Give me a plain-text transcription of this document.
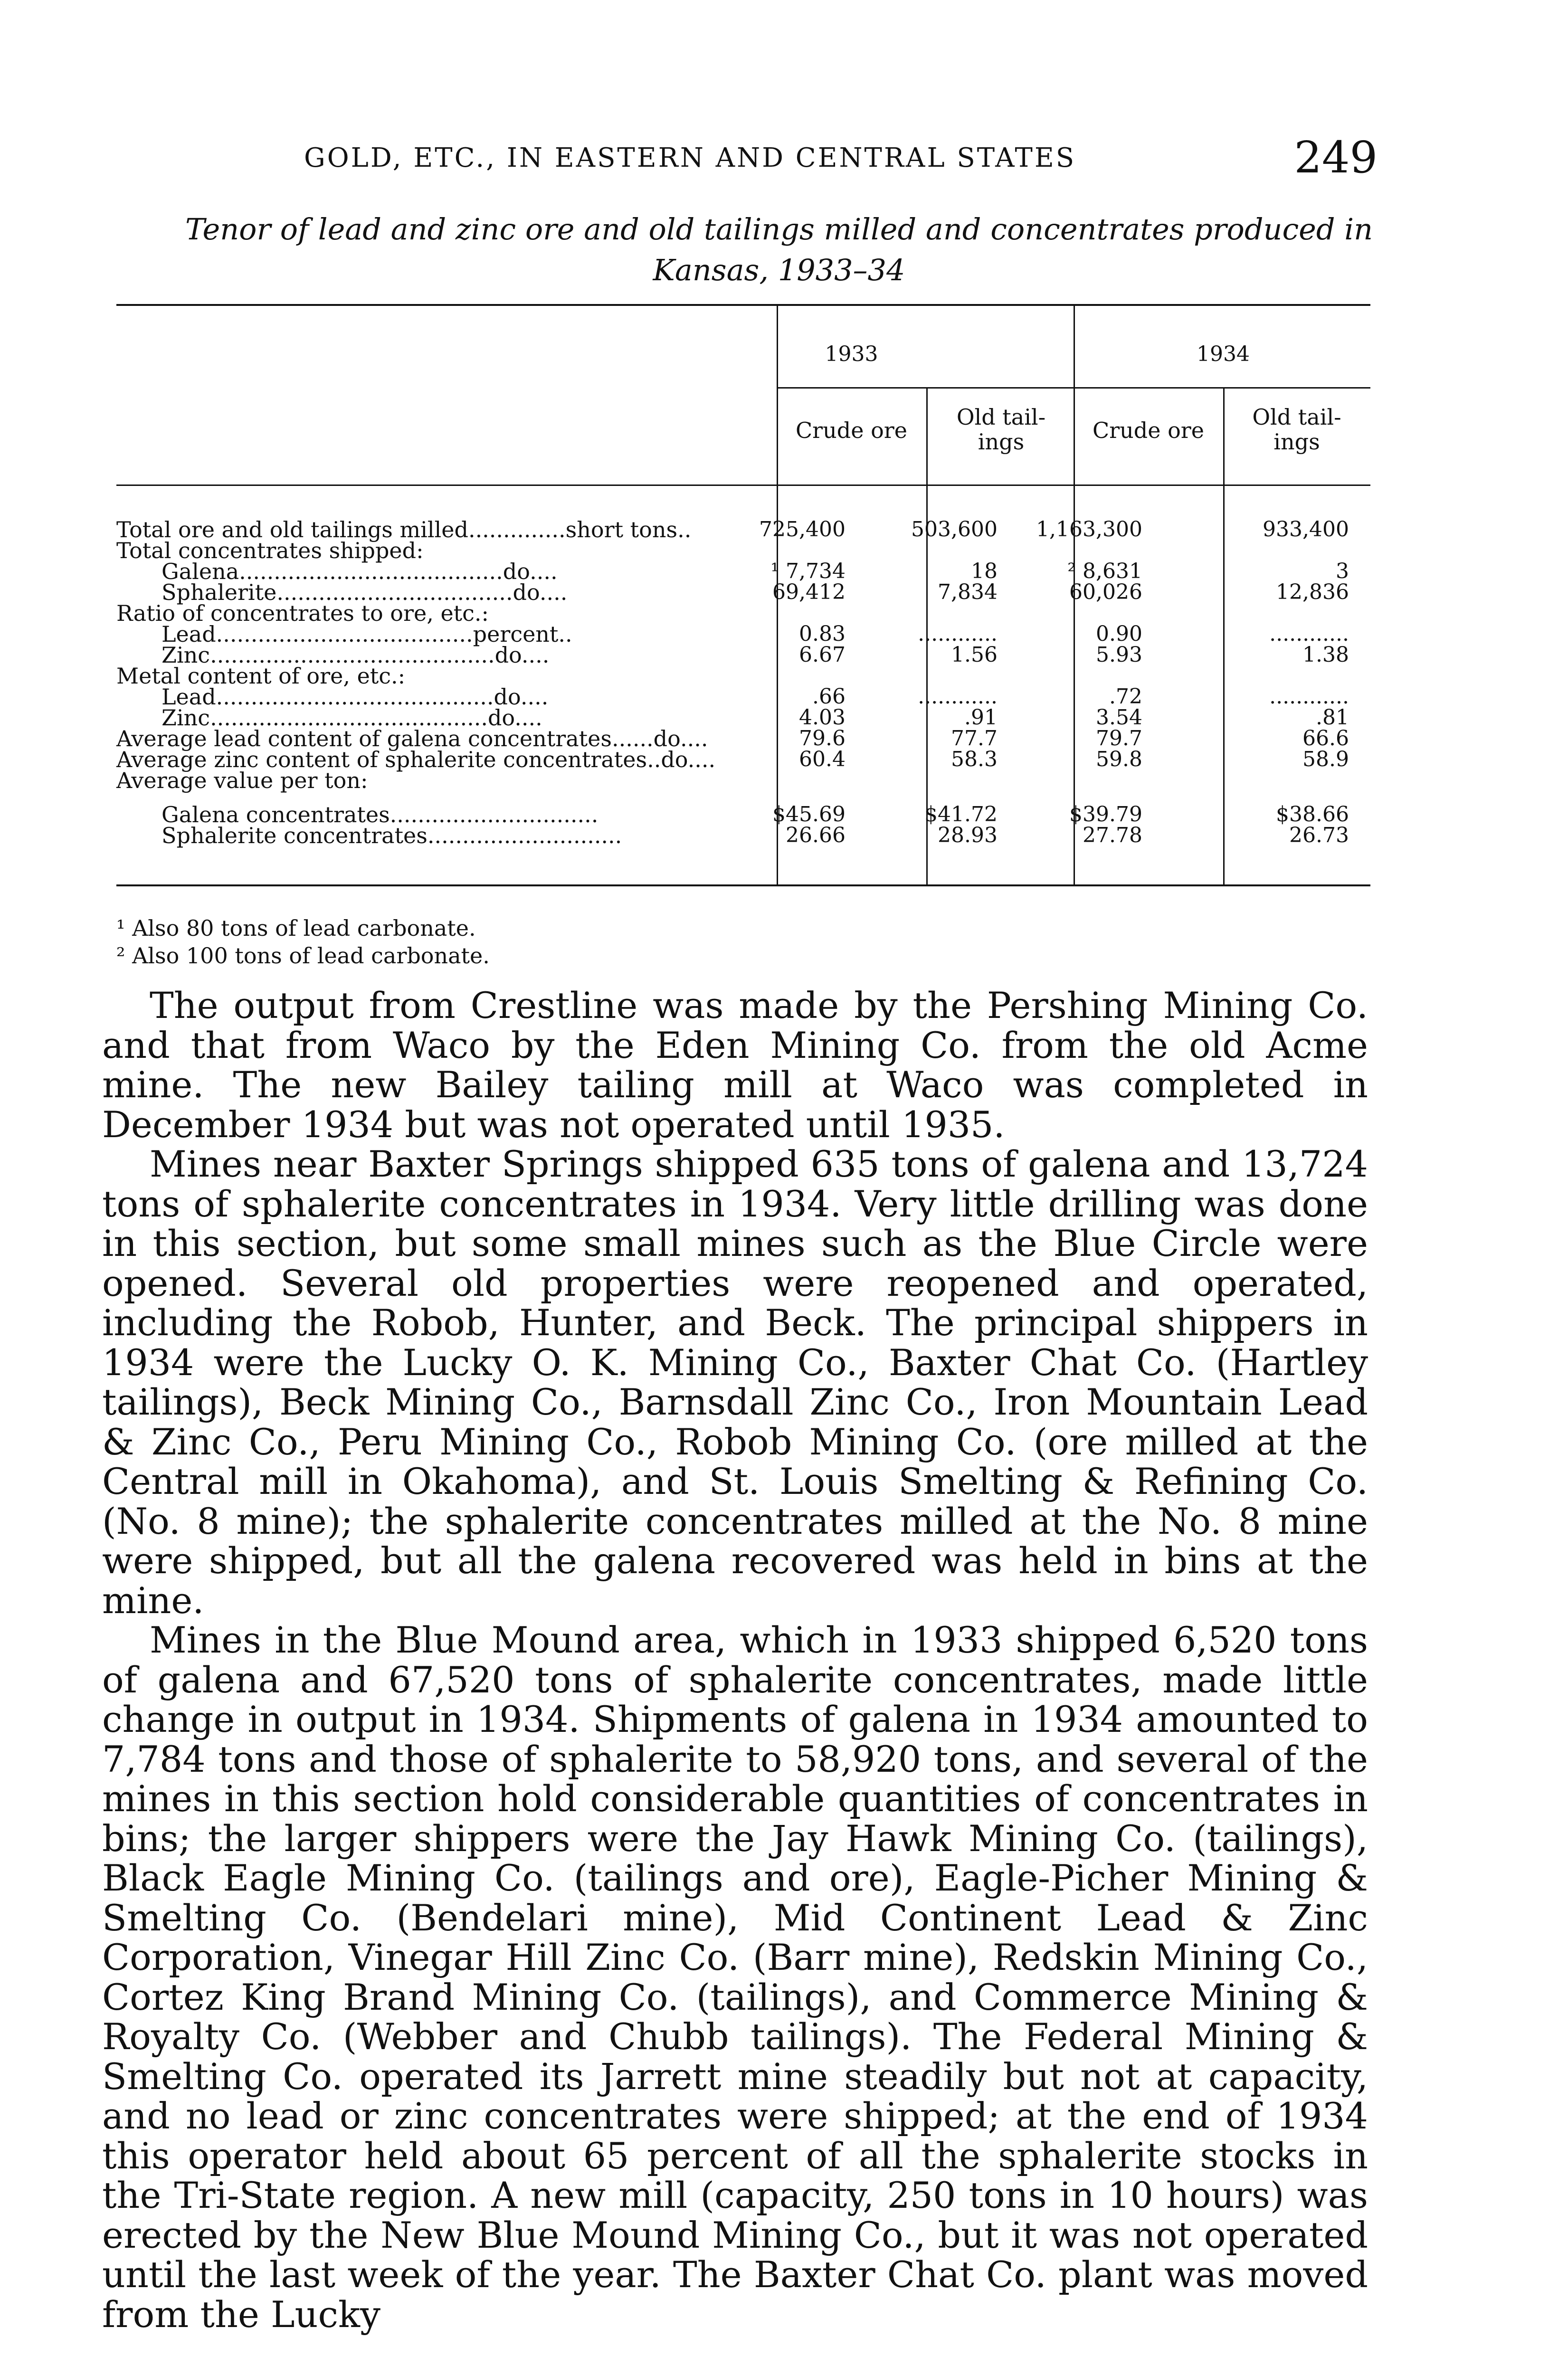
GOLD, ETC., IN EASTERN AND CENTRAL STATES	249
Tenor of lead and zinc ore and old tailings milled and concentrates produced in
Kansas, 1933–34
1933	1934
Crude ore
Old tail-
ings	Crude ore
Old tail-
ings
Total ore and old tailings milled..............short tons..	725,400	503,600	1,163,300	933,400
Total concentrates shipped:
Galena......................................do....	¹ 7,734	18	² 8,631	3
Sphalerite..................................do....	69,412	7,834	60,026	12,836
Ratio of concentrates to ore, etc.:
Lead.....................................percent..	0.83	............	0.90	............
Zinc.........................................do....	6.67	1.56	5.93	1.38
Metal content of ore, etc.:
Lead........................................do....	.66	............	.72	............
Zinc........................................do....	4.03	.91	3.54	.81
Average lead content of galena concentrates......do....	79.6	77.7	79.7	66.6
Average zinc content of sphalerite concentrates..do....	60.4	58.3	59.8	58.9
Average value per ton:
Galena concentrates..............................	$45.69	$41.72	$39.79	$38.66
Sphalerite concentrates............................	26.66	28.93	27.78	26.73
¹ Also 80 tons of lead carbonate.
² Also 100 tons of lead carbonate.

The output from Crestline was made by the Pershing Mining Co. and that from Waco by the Eden Mining Co. from the old Acme mine. The new Bailey tailing mill at Waco was completed in December 1934 but was not operated until 1935.

Mines near Baxter Springs shipped 635 tons of galena and 13,724 tons of sphalerite concentrates in 1934. Very little drilling was done in this section, but some small mines such as the Blue Circle were opened. Several old properties were reopened and operated, including the Robob, Hunter, and Beck. The principal shippers in 1934 were the Lucky O. K. Mining Co., Baxter Chat Co. (Hartley tailings), Beck Mining Co., Barnsdall Zinc Co., Iron Mountain Lead & Zinc Co., Peru Mining Co., Robob Mining Co. (ore milled at the Central mill in Okahoma), and St. Louis Smelting & Refining Co. (No. 8 mine); the sphalerite concentrates milled at the No. 8 mine were shipped, but all the galena recovered was held in bins at the mine.

Mines in the Blue Mound area, which in 1933 shipped 6,520 tons of galena and 67,520 tons of sphalerite concentrates, made little change in output in 1934. Shipments of galena in 1934 amounted to 7,784 tons and those of sphalerite to 58,920 tons, and several of the mines in this section hold considerable quantities of concentrates in bins; the larger shippers were the Jay Hawk Mining Co. (tailings), Black Eagle Mining Co. (tailings and ore), Eagle-Picher Mining & Smelting Co. (Bendelari mine), Mid Continent Lead & Zinc Corporation, Vinegar Hill Zinc Co. (Barr mine), Redskin Mining Co., Cortez King Brand Mining Co. (tailings), and Commerce Mining & Royalty Co. (Webber and Chubb tailings). The Federal Mining & Smelting Co. operated its Jarrett mine steadily but not at capacity, and no lead or zinc concentrates were shipped; at the end of 1934 this operator held about 65 percent of all the sphalerite stocks in the Tri-State region. A new mill (capacity, 250 tons in 10 hours) was erected by the New Blue Mound Mining Co., but it was not operated until the last week of the year. The Baxter Chat Co. plant was moved from the Lucky
